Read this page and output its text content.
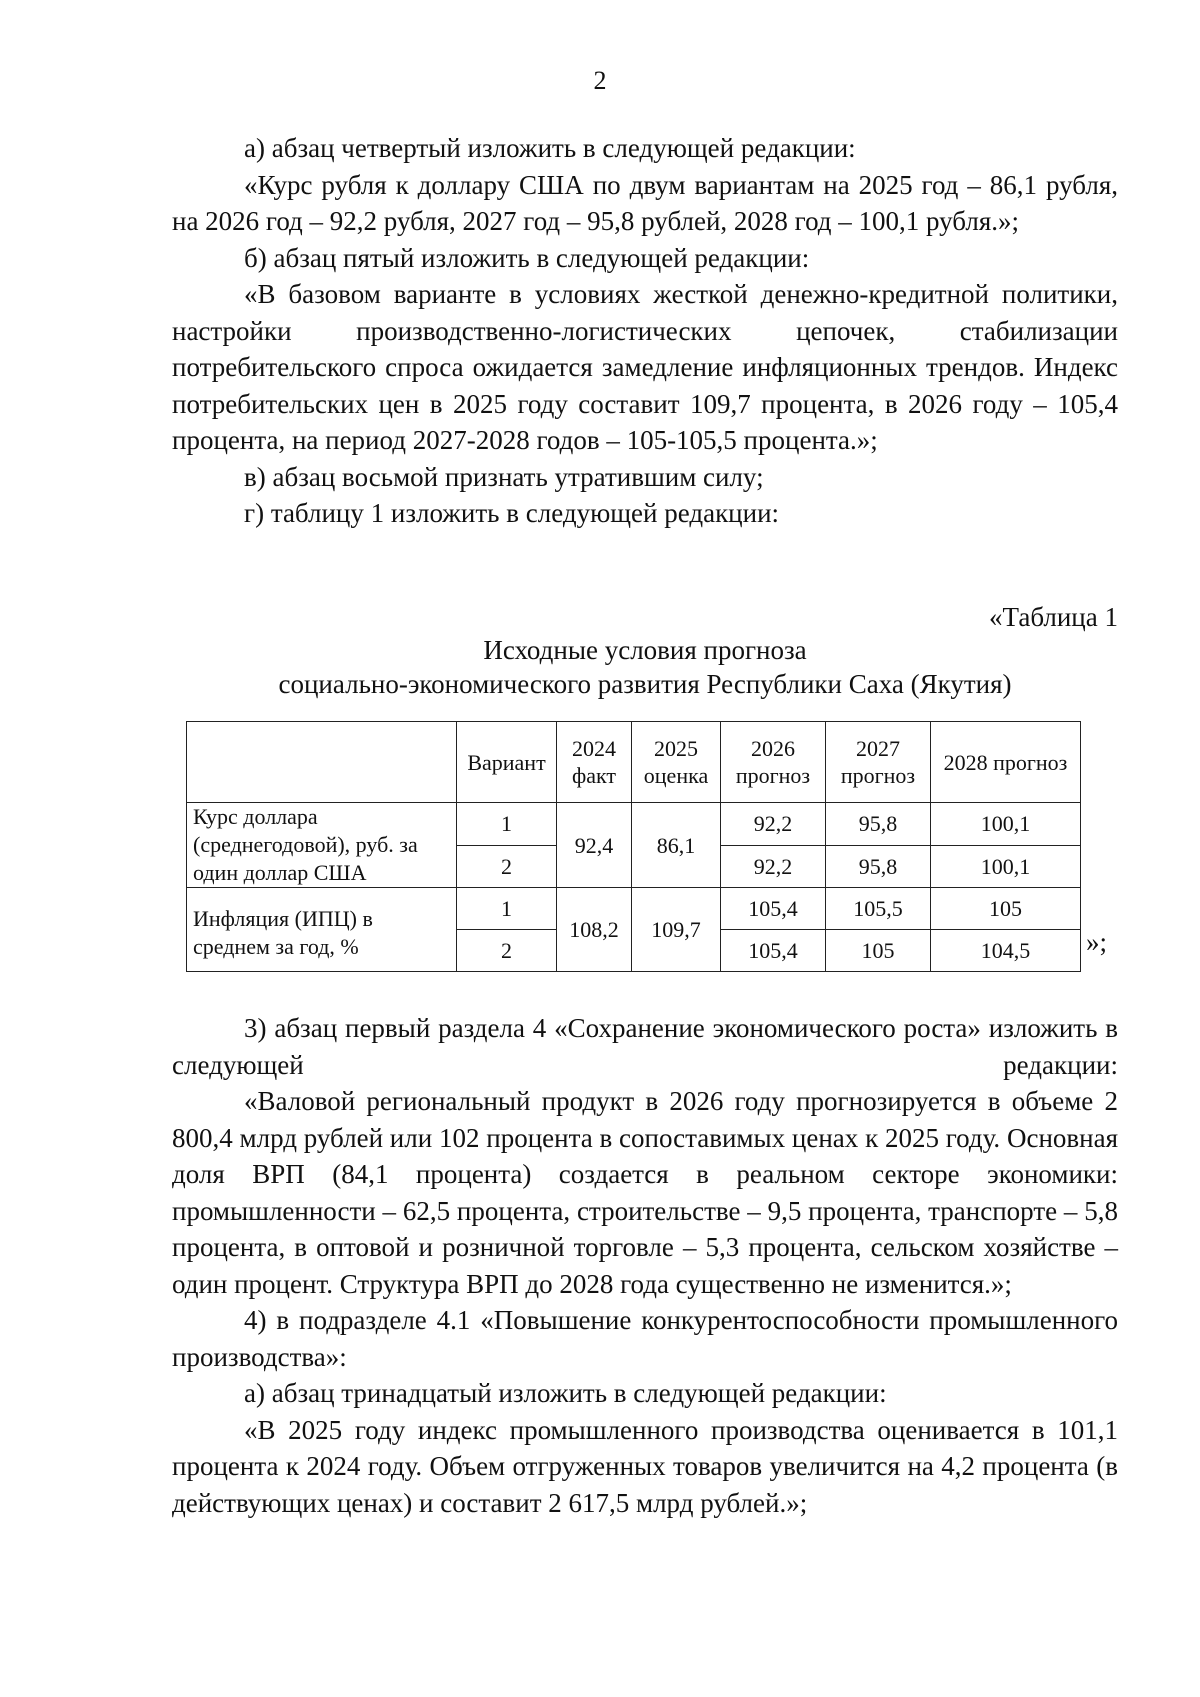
2

а) абзац четвертый изложить в следующей редакции:

«Курс рубля к доллару США по двум вариантам на 2025 год – 86,1 рубля, на 2026 год – 92,2 рубля, 2027 год – 95,8 рублей, 2028 год – 100,1 рубля.»;

б) абзац пятый изложить в следующей редакции:

«В базовом варианте в условиях жесткой денежно-кредитной политики, настройки производственно-логистических цепочек, стабилизации потребительского спроса ожидается замедление инфляционных трендов. Индекс потребительских цен в 2025 году составит 109,7 процента, в 2026 году – 105,4 процента, на период 2027-2028 годов – 105-105,5 процента.»;

в) абзац восьмой признать утратившим силу;

г) таблицу 1 изложить в следующей редакции:

«Таблица 1
Исходные условия прогноза
социально-экономического развития Республики Саха (Якутия)
	Вариант	2024 факт	2025 оценка	2026 прогноз	2027 прогноз	2028 прогноз
Курс доллара (среднегодовой), руб. за один доллар США	1	92,4	86,1	92,2	95,8	100,1
	2			92,2	95,8	100,1
Инфляция (ИПЦ) в среднем за год, %	1	108,2	109,7	105,4	105,5	105
	2			105,4	105	104,5 »;

3) абзац первый раздела 4 «Сохранение экономического роста» изложить в следующей редакции:

«Валовой региональный продукт в 2026 году прогнозируется в объеме 2 800,4 млрд рублей или 102 процента в сопоставимых ценах к 2025 году. Основная доля ВРП (84,1 процента) создается в реальном секторе экономики: промышленности – 62,5 процента, строительстве – 9,5 процента, транспорте – 5,8 процента, в оптовой и розничной торговле – 5,3 процента, сельском хозяйстве – один процент. Структура ВРП до 2028 года существенно не изменится.»;

4) в подразделе 4.1 «Повышение конкурентоспособности промышленного производства»:

а) абзац тринадцатый изложить в следующей редакции:

«В 2025 году индекс промышленного производства оценивается в 101,1 процента к 2024 году. Объем отгруженных товаров увеличится на 4,2 процента (в действующих ценах) и составит 2 617,5 млрд рублей.»;
